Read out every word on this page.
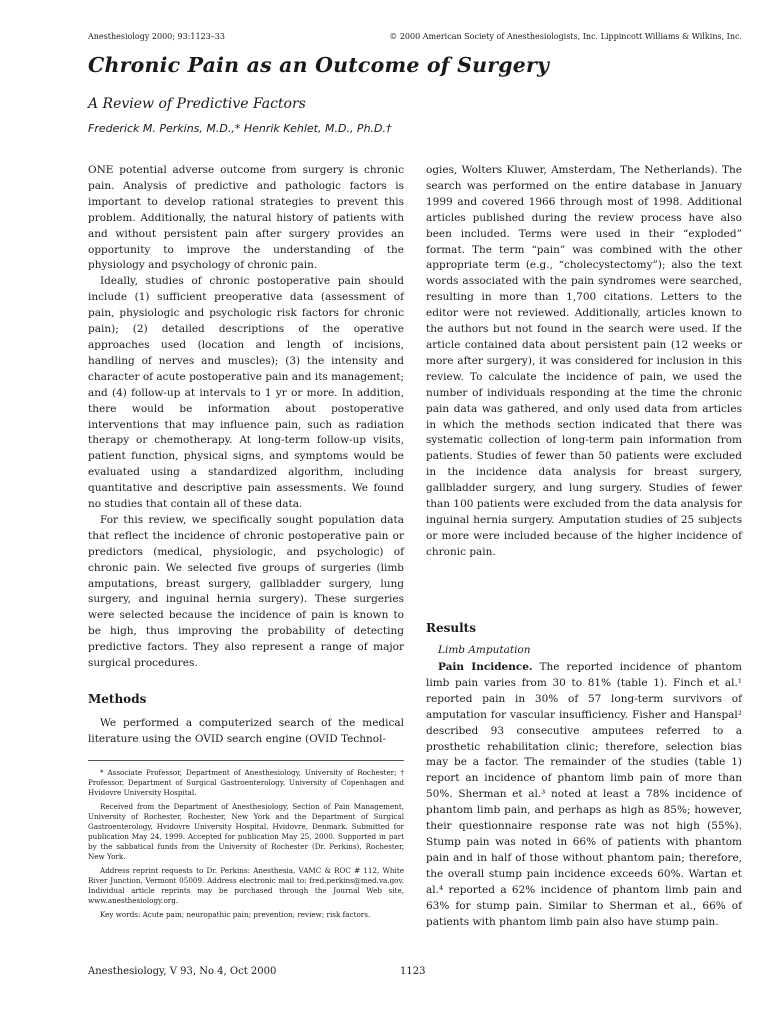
Anesthesiology 2000; 93:1123–33	© 2000 American Society of Anesthesiologists, Inc. Lippincott Williams & Wilkins, Inc.
Chronic Pain as an Outcome of Surgery
A Review of Predictive Factors
Frederick M. Perkins, M.D.,* Henrik Kehlet, M.D., Ph.D.†

ONE potential adverse outcome from surgery is chronic pain. Analysis of predictive and pathologic factors is important to develop rational strategies to prevent this problem. Additionally, the natural history of patients with and without persistent pain after surgery provides an opportunity to improve the understanding of the physiology and psychology of chronic pain.

Ideally, studies of chronic postoperative pain should include (1) sufficient preoperative data (assessment of pain, physiologic and psychologic risk factors for chronic pain); (2) detailed descriptions of the operative approaches used (location and length of incisions, handling of nerves and muscles); (3) the intensity and character of acute postoperative pain and its management; and (4) follow-up at intervals to 1 yr or more. In addition, there would be information about postoperative interventions that may influence pain, such as radiation therapy or chemotherapy. At long-term follow-up visits, patient function, physical signs, and symptoms would be evaluated using a standardized algorithm, including quantitative and descriptive pain assessments. We found no studies that contain all of these data.

For this review, we specifically sought population data that reflect the incidence of chronic postoperative pain or predictors (medical, physiologic, and psychologic) of chronic pain. We selected five groups of surgeries (limb amputations, breast surgery, gallbladder surgery, lung surgery, and inguinal hernia surgery). These surgeries were selected because the incidence of pain is known to be high, thus improving the probability of detecting predictive factors. They also represent a range of major surgical procedures.

Methods

We performed a computerized search of the medical literature using the OVID search engine (OVID Technol-

* Associate Professor, Department of Anesthesiology, University of Rochester; † Professor, Department of Surgical Gastroenterology, University of Copenhagen and Hvidovre University Hospital.

Received from the Department of Anesthesiology, Section of Pain Management, University of Rochester, Rochester, New York and the Department of Surgical Gastroenterology, Hvidovre University Hospital, Hvidovre, Denmark. Submitted for publication May 24, 1999. Accepted for publication May 25, 2000. Supported in part by the sabbatical funds from the University of Rochester (Dr. Perkins), Rochester, New York.

Address reprint requests to Dr. Perkins: Anesthesia, VAMC & ROC # 112, White River Junction, Vermont 05009. Address electronic mail to: fred.perkins@med.va.gov. Individual article reprints may be purchased through the Journal Web site, www.anesthesiology.org.

Key words: Acute pain; neuropathic pain; prevention; review; risk factors.

ogies, Wolters Kluwer, Amsterdam, The Netherlands). The search was performed on the entire database in January 1999 and covered 1966 through most of 1998. Additional articles published during the review process have also been included. Terms were used in their “exploded” format. The term “pain” was combined with the other appropriate term (e.g., “cholecystectomy”); also the text words associated with the pain syndromes were searched, resulting in more than 1,700 citations. Letters to the editor were not reviewed. Additionally, articles known to the authors but not found in the search were used. If the article contained data about persistent pain (12 weeks or more after surgery), it was considered for inclusion in this review. To calculate the incidence of pain, we used the number of individuals responding at the time the chronic pain data was gathered, and only used data from articles in which the methods section indicated that there was systematic collection of long-term pain information from patients. Studies of fewer than 50 patients were excluded in the incidence data analysis for breast surgery, gallbladder surgery, and lung surgery. Studies of fewer than 100 patients were excluded from the data analysis for inguinal hernia surgery. Amputation studies of 25 subjects or more were included because of the higher incidence of chronic pain.

Results
Limb Amputation

Pain Incidence. The reported incidence of phantom limb pain varies from 30 to 81% (table 1). Finch et al.¹ reported pain in 30% of 57 long-term survivors of amputation for vascular insufficiency. Fisher and Hanspal² described 93 consecutive amputees referred to a prosthetic rehabilitation clinic; therefore, selection bias may be a factor. The remainder of the studies (table 1) report an incidence of phantom limb pain of more than 50%. Sherman et al.³ noted at least a 78% incidence of phantom limb pain, and perhaps as high as 85%; however, their questionnaire response rate was not high (55%). Stump pain was noted in 66% of patients with phantom pain and in half of those without phantom pain; therefore, the overall stump pain incidence exceeds 60%. Wartan et al.⁴ reported a 62% incidence of phantom limb pain and 63% for stump pain. Similar to Sherman et al., 66% of patients with phantom limb pain also have stump pain.

Anesthesiology, V 93, No 4, Oct 2000	1123
